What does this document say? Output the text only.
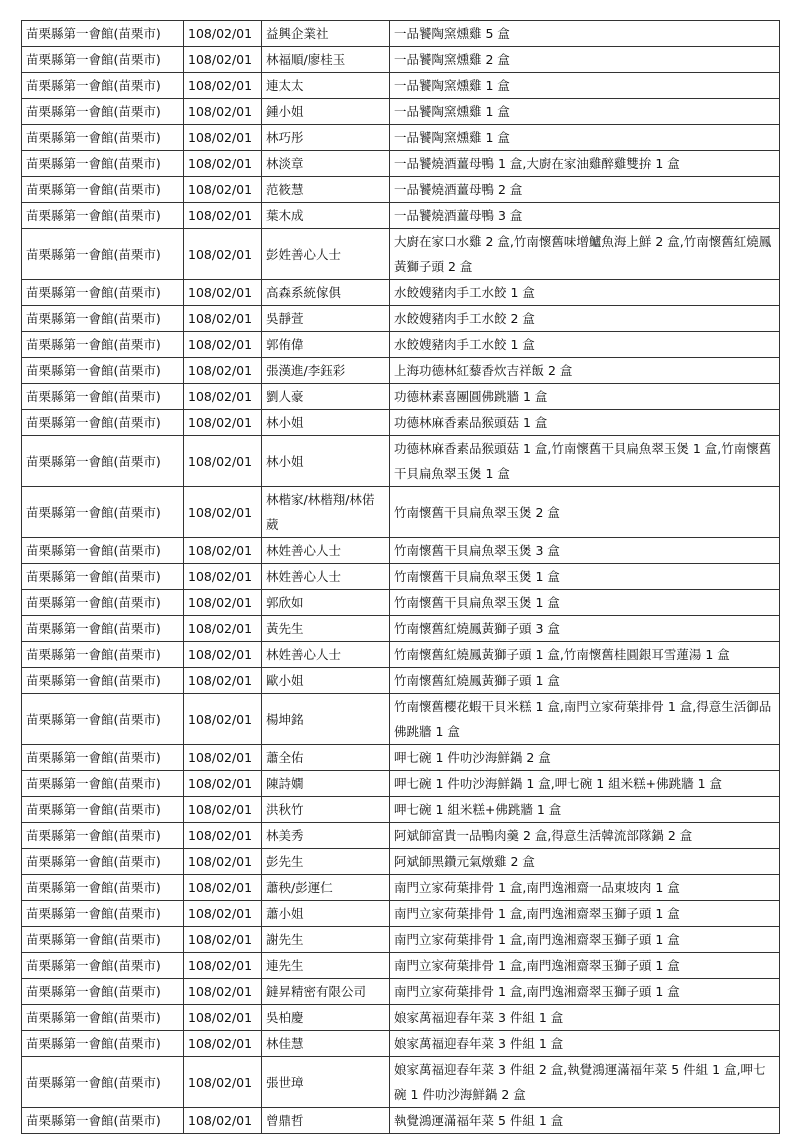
苗栗縣第一會館(苗栗市)	108/02/01	益興企業社	一品饕陶窯燻雞 5 盒
苗栗縣第一會館(苗栗市)	108/02/01	林福順/廖桂玉	一品饕陶窯燻雞 2 盒
苗栗縣第一會館(苗栗市)	108/02/01	連太太	一品饕陶窯燻雞 1 盒
苗栗縣第一會館(苗栗市)	108/02/01	鍾小姐	一品饕陶窯燻雞 1 盒
苗栗縣第一會館(苗栗市)	108/02/01	林巧彤	一品饕陶窯燻雞 1 盒
苗栗縣第一會館(苗栗市)	108/02/01	林淡章	一品饕燒酒薑母鴨 1 盒,大廚在家油雞醉雞雙拚 1 盒
苗栗縣第一會館(苗栗市)	108/02/01	范筱慧	一品饕燒酒薑母鴨 2 盒
苗栗縣第一會館(苗栗市)	108/02/01	葉木成	一品饕燒酒薑母鴨 3 盒
苗栗縣第一會館(苗栗市)	108/02/01	彭姓善心人士	大廚在家口水雞 2 盒,竹南懷舊味增鱸魚海上鮮 2 盒,竹南懷舊紅燒鳳黃獅子頭 2 盒
苗栗縣第一會館(苗栗市)	108/02/01	高森系統傢俱	水餃嫂豬肉手工水餃 1 盒
苗栗縣第一會館(苗栗市)	108/02/01	吳靜萱	水餃嫂豬肉手工水餃 2 盒
苗栗縣第一會館(苗栗市)	108/02/01	郭侑偉	水餃嫂豬肉手工水餃 1 盒
苗栗縣第一會館(苗栗市)	108/02/01	張漢進/李鈺彩	上海功德林紅藜香炊吉祥飯 2 盒
苗栗縣第一會館(苗栗市)	108/02/01	劉人豪	功德林素喜團圓佛跳牆 1 盒
苗栗縣第一會館(苗栗市)	108/02/01	林小姐	功德林麻香素品猴頭菇 1 盒
苗栗縣第一會館(苗栗市)	108/02/01	林小姐	功德林麻香素品猴頭菇 1 盒,竹南懷舊干貝扁魚翠玉煲 1 盒,竹南懷舊干貝扁魚翠玉煲 1 盒
苗栗縣第一會館(苗栗市)	108/02/01	林楷家/林楷翔/林偌葳	竹南懷舊干貝扁魚翠玉煲 2 盒
苗栗縣第一會館(苗栗市)	108/02/01	林姓善心人士	竹南懷舊干貝扁魚翠玉煲 3 盒
苗栗縣第一會館(苗栗市)	108/02/01	林姓善心人士	竹南懷舊干貝扁魚翠玉煲 1 盒
苗栗縣第一會館(苗栗市)	108/02/01	郭欣如	竹南懷舊干貝扁魚翠玉煲 1 盒
苗栗縣第一會館(苗栗市)	108/02/01	黃先生	竹南懷舊紅燒鳳黃獅子頭 3 盒
苗栗縣第一會館(苗栗市)	108/02/01	林姓善心人士	竹南懷舊紅燒鳳黃獅子頭 1 盒,竹南懷舊桂圓銀耳雪蓮湯 1 盒
苗栗縣第一會館(苗栗市)	108/02/01	歐小姐	竹南懷舊紅燒鳳黃獅子頭 1 盒
苗栗縣第一會館(苗栗市)	108/02/01	楊坤銘	竹南懷舊櫻花蝦干貝米糕 1 盒,南門立家荷葉排骨 1 盒,得意生活御品佛跳牆 1 盒
苗栗縣第一會館(苗栗市)	108/02/01	蕭全佑	呷七碗 1 件叻沙海鮮鍋 2 盒
苗栗縣第一會館(苗栗市)	108/02/01	陳詩嫺	呷七碗 1 件叻沙海鮮鍋 1 盒,呷七碗 1 組米糕+佛跳牆 1 盒
苗栗縣第一會館(苗栗市)	108/02/01	洪秋竹	呷七碗 1 組米糕+佛跳牆 1 盒
苗栗縣第一會館(苗栗市)	108/02/01	林美秀	阿斌師富貴一品鴨肉羹 2 盒,得意生活韓流部隊鍋 2 盒
苗栗縣第一會館(苗栗市)	108/02/01	彭先生	阿斌師黑鑽元氣燉雞 2 盒
苗栗縣第一會館(苗栗市)	108/02/01	蕭秧/彭運仁	南門立家荷葉排骨 1 盒,南門逸湘齋一品東坡肉 1 盒
苗栗縣第一會館(苗栗市)	108/02/01	蕭小姐	南門立家荷葉排骨 1 盒,南門逸湘齋翠玉獅子頭 1 盒
苗栗縣第一會館(苗栗市)	108/02/01	謝先生	南門立家荷葉排骨 1 盒,南門逸湘齋翠玉獅子頭 1 盒
苗栗縣第一會館(苗栗市)	108/02/01	連先生	南門立家荷葉排骨 1 盒,南門逸湘齋翠玉獅子頭 1 盒
苗栗縣第一會館(苗栗市)	108/02/01	鐽昇精密有限公司	南門立家荷葉排骨 1 盒,南門逸湘齋翠玉獅子頭 1 盒
苗栗縣第一會館(苗栗市)	108/02/01	吳柏慶	娘家萬福迎春年菜 3 件組 1 盒
苗栗縣第一會館(苗栗市)	108/02/01	林佳慧	娘家萬福迎春年菜 3 件組 1 盒
苗栗縣第一會館(苗栗市)	108/02/01	張世璋	娘家萬福迎春年菜 3 件組 2 盒,執覺鴻運滿福年菜 5 件組 1 盒,呷七碗 1 件叻沙海鮮鍋 2 盒
苗栗縣第一會館(苗栗市)	108/02/01	曾鼎哲	執覺鴻運滿福年菜 5 件組 1 盒
